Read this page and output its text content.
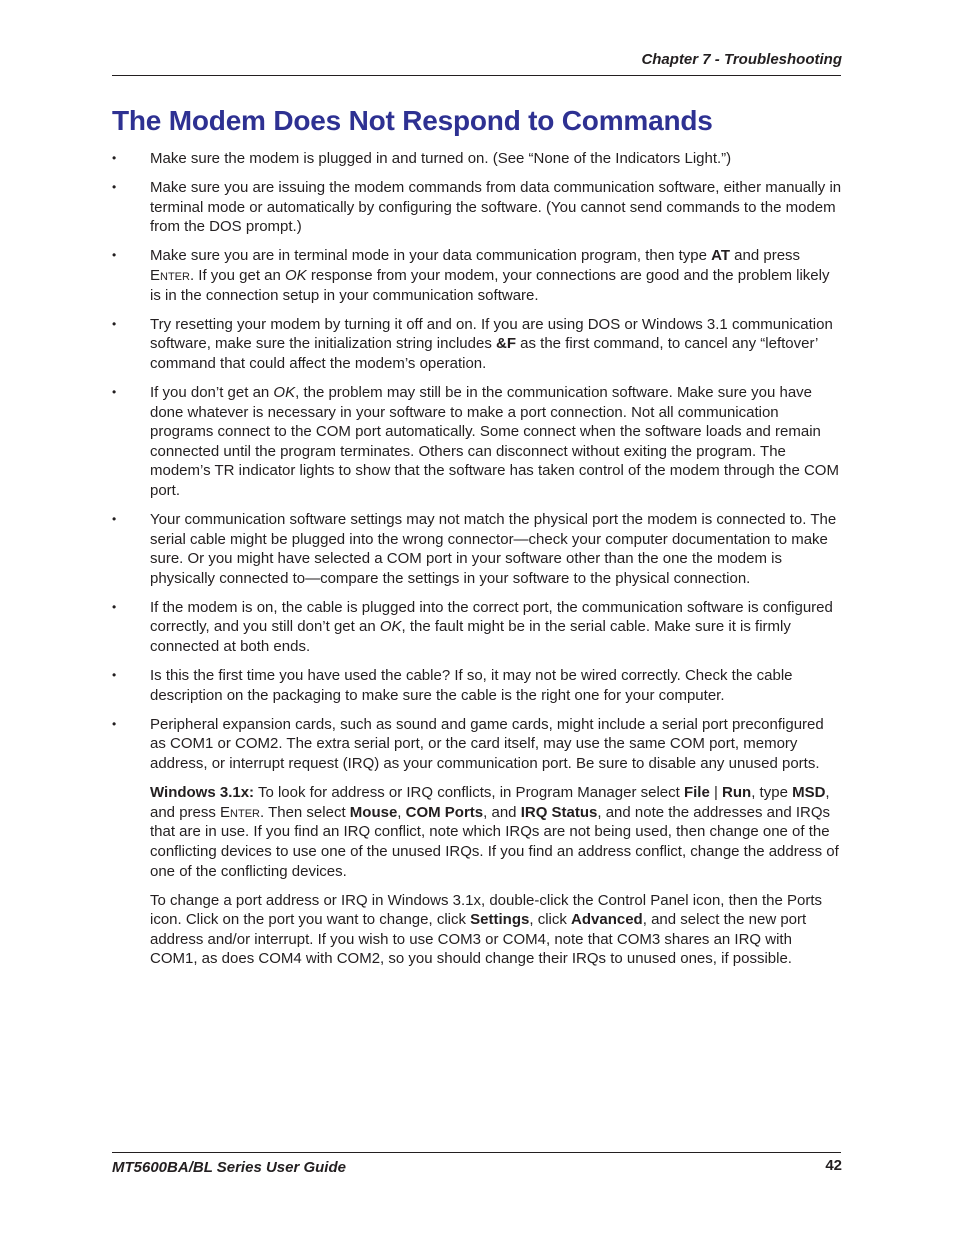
Chapter 7 - Troubleshooting
The Modem Does Not Respond to Commands
• Make sure the modem is plugged in and turned on. (See “None of the Indicators Light.”)
• Make sure you are issuing the modem commands from data communication software, either manually in terminal mode or automatically by configuring the software. (You cannot send commands to the modem from the DOS prompt.)
• Make sure you are in terminal mode in your data communication program, then type AT and press Enter. If you get an OK response from your modem, your connections are good and the problem likely is in the connection setup in your communication software.
• Try resetting your modem by turning it off and on. If you are using DOS or Windows 3.1 communication software, make sure the initialization string includes &F as the first command, to cancel any “leftover’ command that could affect the modem’s operation.
• If you don’t get an OK, the problem may still be in the communication software. Make sure you have done whatever is necessary in your software to make a port connection. Not all communication programs connect to the COM port automatically. Some connect when the software loads and remain connected until the program terminates. Others can disconnect without exiting the program. The modem’s TR indicator lights to show that the software has taken control of the modem through the COM port.
• Your communication software settings may not match the physical port the modem is connected to. The serial cable might be plugged into the wrong connector—check your computer documentation to make sure. Or you might have selected a COM port in your software other than the one the modem is physically connected to—compare the settings in your software to the physical connection.
• If the modem is on, the cable is plugged into the correct port, the communication software is configured correctly, and you still don’t get an OK, the fault might be in the serial cable. Make sure it is firmly connected at both ends.
• Is this the first time you have used the cable? If so, it may not be wired correctly. Check the cable description on the packaging to make sure the cable is the right one for your computer.
• Peripheral expansion cards, such as sound and game cards, might include a serial port preconfigured as COM1 or COM2. The extra serial port, or the card itself, may use the same COM port, memory address, or interrupt request (IRQ) as your communication port. Be sure to disable any unused ports.

Windows 3.1x: To look for address or IRQ conflicts, in Program Manager select File | Run, type MSD, and press Enter. Then select Mouse, COM Ports, and IRQ Status, and note the addresses and IRQs that are in use. If you find an IRQ conflict, note which IRQs are not being used, then change one of the conflicting devices to use one of the unused IRQs. If you find an address conflict, change the address of one of the conflicting devices.

To change a port address or IRQ in Windows 3.1x, double-click the Control Panel icon, then the Ports icon. Click on the port you want to change, click Settings, click Advanced, and select the new port address and/or interrupt. If you wish to use COM3 or COM4, note that COM3 shares an IRQ with COM1, as does COM4 with COM2, so you should change their IRQs to unused ones, if possible.

MT5600BA/BL Series User Guide	42
